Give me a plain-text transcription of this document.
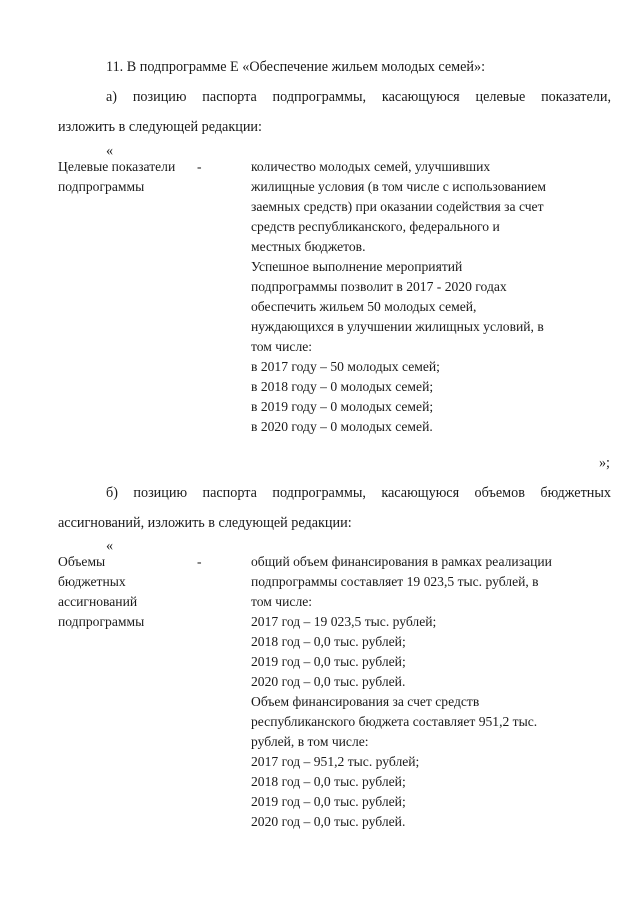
11. В подпрограмме Е «Обеспечение жильем молодых семей»:
а) позицию паспорта подпрограммы, касающуюся целевые показатели,
изложить в следующей редакции:
«
Целевые показатели
подпрограммы
-	количество молодых семей, улучшивших
жилищные условия (в том числе с использованием
заемных средств) при оказании содействия за счет
средств республиканского, федерального и
местных бюджетов.
Успешное выполнение мероприятий
подпрограммы позволит в 2017 - 2020 годах
обеспечить жильем 50 молодых семей,
нуждающихся в улучшении жилищных условий, в
том числе:
в 2017 году – 50 молодых семей;
в 2018 году – 0 молодых семей;
в 2019 году – 0 молодых семей;
в 2020 году – 0 молодых семей.
»;
б) позицию паспорта подпрограммы, касающуюся объемов бюджетных
ассигнований, изложить в следующей редакции:
«
Объемы
бюджетных
ассигнований
подпрограммы
-	общий объем финансирования в рамках реализации
подпрограммы составляет 19 023,5 тыс. рублей, в
том числе:
2017 год – 19 023,5 тыс. рублей;
2018 год – 0,0 тыс. рублей;
2019 год – 0,0 тыс. рублей;
2020 год – 0,0 тыс. рублей.
Объем финансирования за счет средств
республиканского бюджета составляет 951,2 тыс.
рублей, в том числе:
2017 год – 951,2 тыс. рублей;
2018 год – 0,0 тыс. рублей;
2019 год – 0,0 тыс. рублей;
2020 год – 0,0 тыс. рублей.
